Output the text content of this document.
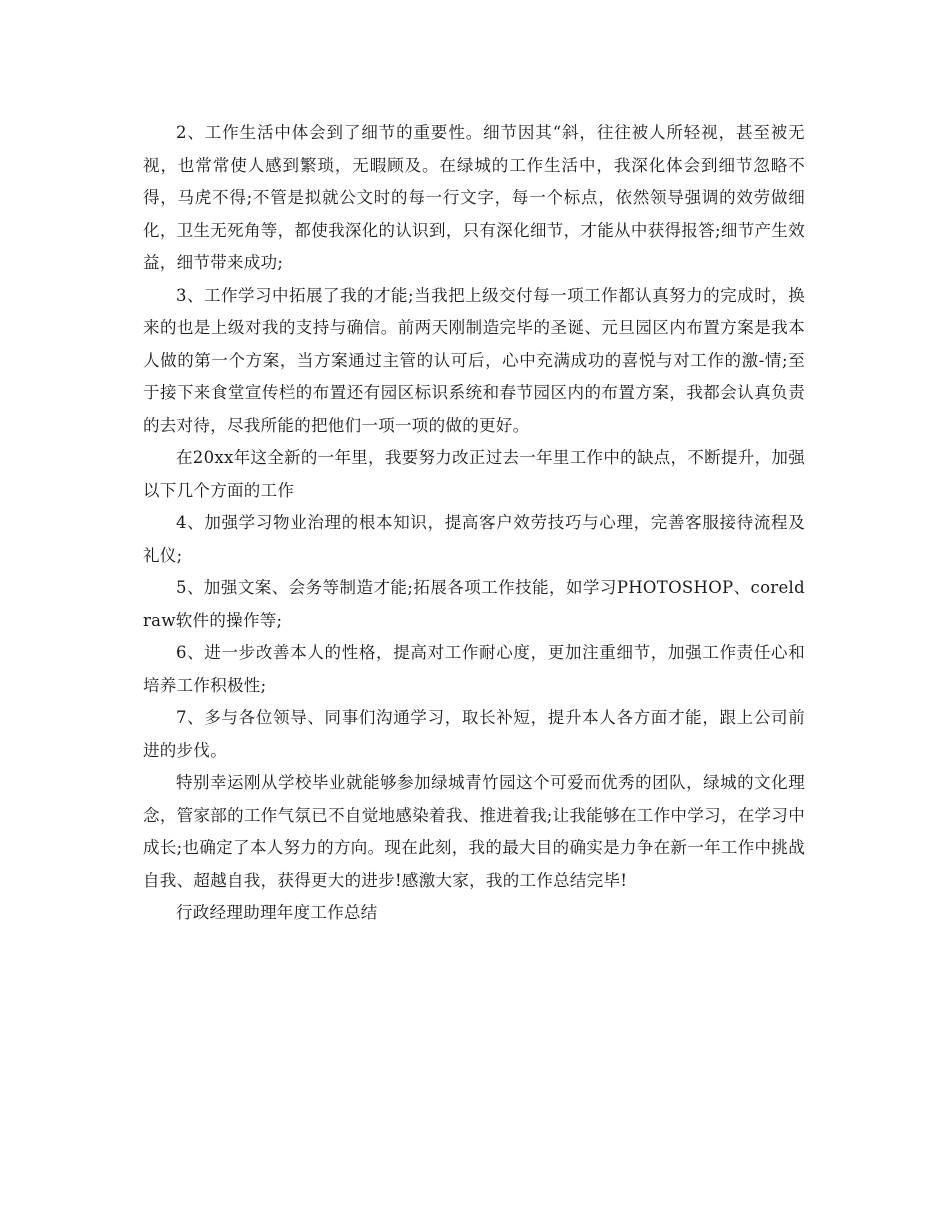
2、工作生活中体会到了细节的重要性。细节因其“斜，往往被人所轻视，甚至被无视，也常常使人感到繁琐，无暇顾及。在绿城的工作生活中，我深化体会到细节忽略不得，马虎不得;不管是拟就公文时的每一行文字，每一个标点，依然领导强调的效劳做细化，卫生无死角等，都使我深化的认识到，只有深化细节，才能从中获得报答;细节产生效益，细节带来成功;

3、工作学习中拓展了我的才能;当我把上级交付每一项工作都认真努力的完成时，换来的也是上级对我的支持与确信。前两天刚制造完毕的圣诞、元旦园区内布置方案是我本人做的第一个方案，当方案通过主管的认可后，心中充满成功的喜悦与对工作的激-情;至于接下来食堂宣传栏的布置还有园区标识系统和春节园区内的布置方案，我都会认真负责的去对待，尽我所能的把他们一项一项的做的更好。

在20xx年这全新的一年里，我要努力改正过去一年里工作中的缺点，不断提升，加强以下几个方面的工作

4、加强学习物业治理的根本知识，提高客户效劳技巧与心理，完善客服接待流程及礼仪;

5、加强文案、会务等制造才能;拓展各项工作技能，如学习PHOTOSHOP、coreldraw软件的操作等;

6、进一步改善本人的性格，提高对工作耐心度，更加注重细节，加强工作责任心和培养工作积极性;

7、多与各位领导、同事们沟通学习，取长补短，提升本人各方面才能，跟上公司前进的步伐。

特别幸运刚从学校毕业就能够参加绿城青竹园这个可爱而优秀的团队，绿城的文化理念，管家部的工作气氛已不自觉地感染着我、推进着我;让我能够在工作中学习，在学习中成长;也确定了本人努力的方向。现在此刻，我的最大目的确实是力争在新一年工作中挑战自我、超越自我，获得更大的进步!感激大家，我的工作总结完毕!

行政经理助理年度工作总结
